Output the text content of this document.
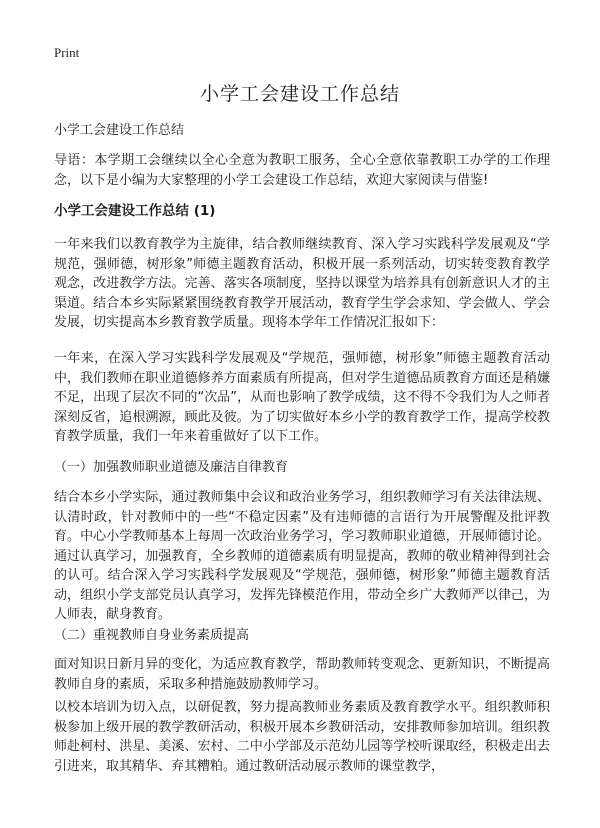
Print
小学工会建设工作总结

小学工会建设工作总结

导语：本学期工会继续以全心全意为教职工服务，全心全意依靠教职工办学的工作理念，以下是小编为大家整理的小学工会建设工作总结，欢迎大家阅读与借鉴!

小学工会建设工作总结 (1)

一年来我们以教育教学为主旋律，结合教师继续教育、深入学习实践科学发展观及“学规范，强师德，树形象”师德主题教育活动，积极开展一系列活动，切实转变教育教学观念，改进教学方法。完善、落实各项制度，坚持以课堂为培养具有创新意识人才的主渠道。结合本乡实际紧紧围绕教育教学开展活动，教育学生学会求知、学会做人、学会发展，切实提高本乡教育教学质量。现将本学年工作情况汇报如下：

一年来，在深入学习实践科学发展观及“学规范，强师德，树形象”师德主题教育活动中，我们教师在职业道德修养方面素质有所提高，但对学生道德品质教育方面还是稍嫌不足，出现了层次不同的“次品”，从而也影响了教学成绩，这不得不令我们为人之师者深刻反省，追根溯源，顾此及彼。为了切实做好本乡小学的教育教学工作，提高学校教育教学质量，我们一年来着重做好了以下工作。

（一）加强教师职业道德及廉洁自律教育

结合本乡小学实际，通过教师集中会议和政治业务学习，组织教师学习有关法律法规、认清时政，针对教师中的一些“不稳定因素”及有违师德的言语行为开展警醒及批评教育。中心小学教师基本上每周一次政治业务学习，学习教师职业道德，开展师德讨论。通过认真学习，加强教育，全乡教师的道德素质有明显提高，教师的敬业精神得到社会的认可。结合深入学习实践科学发展观及“学规范，强师德，树形象”师德主题教育活动，组织小学支部党员认真学习，发挥先锋模范作用，带动全乡广大教师严以律己，为人师表，献身教育。

（二）重视教师自身业务素质提高

面对知识日新月异的变化，为适应教育教学，帮助教师转变观念、更新知识，不断提高教师自身的素质，采取多种措施鼓励教师学习。

以校本培训为切入点，以研促教，努力提高教师业务素质及教育教学水平。组织教师积极参加上级开展的教学教研活动，积极开展本乡教研活动，安排教师参加培训。组织教师赴柯村、洪星、美溪、宏村、二中小学部及示范幼儿园等学校听课取经，积极走出去引进来，取其精华、弃其糟粕。通过教研活动展示教师的课堂教学，
